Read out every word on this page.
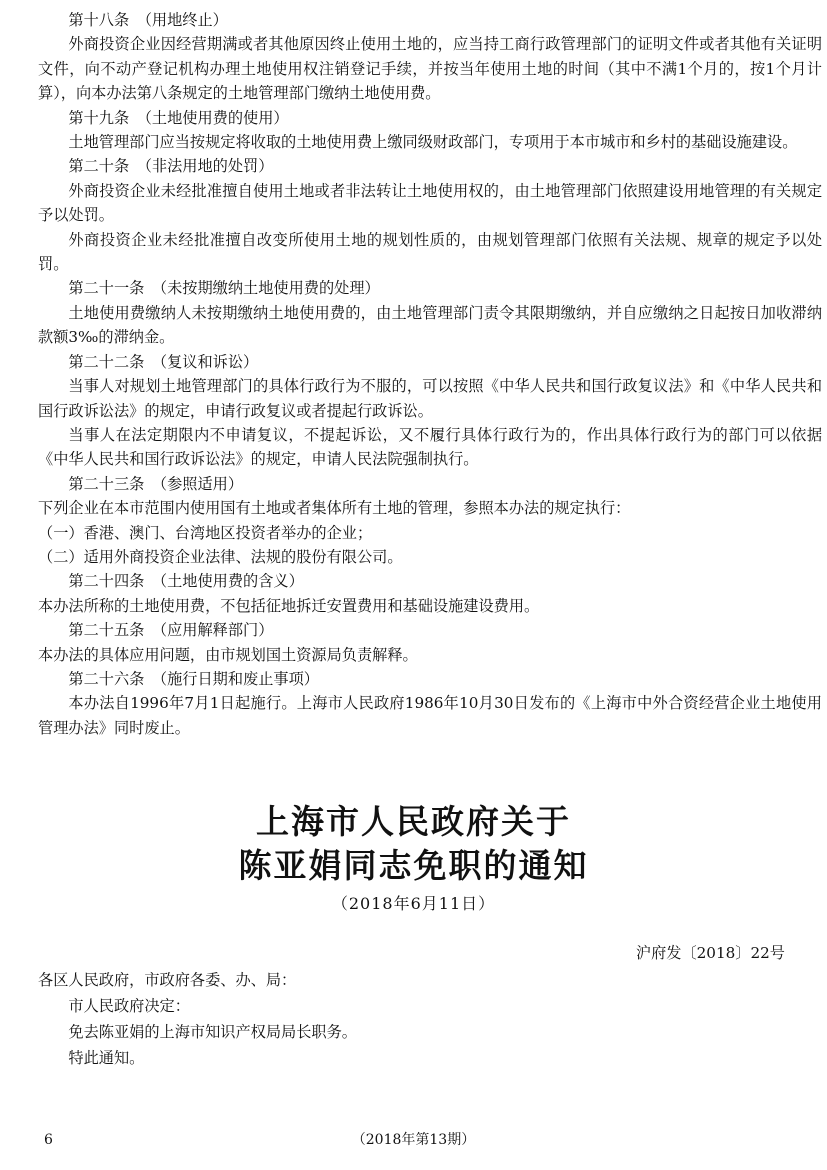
第十八条　（用地终止）

外商投资企业因经营期满或者其他原因终止使用土地的，应当持工商行政管理部门的证明文件或者其他有关证明文件，向不动产登记机构办理土地使用权注销登记手续，并按当年使用土地的时间（其中不满1个月的，按1个月计算），向本办法第八条规定的土地管理部门缴纳土地使用费。

第十九条　（土地使用费的使用）

土地管理部门应当按规定将收取的土地使用费上缴同级财政部门，专项用于本市城市和乡村的基础设施建设。

第二十条　（非法用地的处罚）

外商投资企业未经批准擅自使用土地或者非法转让土地使用权的，由土地管理部门依照建设用地管理的有关规定予以处罚。

外商投资企业未经批准擅自改变所使用土地的规划性质的，由规划管理部门依照有关法规、规章的规定予以处罚。

第二十一条　（未按期缴纳土地使用费的处理）

土地使用费缴纳人未按期缴纳土地使用费的，由土地管理部门责令其限期缴纳，并自应缴纳之日起按日加收滞纳款额3‰的滞纳金。

第二十二条　（复议和诉讼）

当事人对规划土地管理部门的具体行政行为不服的，可以按照《中华人民共和国行政复议法》和《中华人民共和国行政诉讼法》的规定，申请行政复议或者提起行政诉讼。

当事人在法定期限内不申请复议，不提起诉讼，又不履行具体行政行为的，作出具体行政行为的部门可以依据《中华人民共和国行政诉讼法》的规定，申请人民法院强制执行。

第二十三条　（参照适用）

下列企业在本市范围内使用国有土地或者集体所有土地的管理，参照本办法的规定执行：

（一）香港、澳门、台湾地区投资者举办的企业；

（二）适用外商投资企业法律、法规的股份有限公司。

第二十四条　（土地使用费的含义）

本办法所称的土地使用费，不包括征地拆迁安置费用和基础设施建设费用。

第二十五条　（应用解释部门）

本办法的具体应用问题，由市规划国土资源局负责解释。

第二十六条　（施行日期和废止事项）

本办法自1996年7月1日起施行。上海市人民政府1986年10月30日发布的《上海市中外合资经营企业土地使用管理办法》同时废止。

上海市人民政府关于

陈亚娟同志免职的通知

（2018年6月11日）

沪府发〔2018〕22号

各区人民政府，市政府各委、办、局：

市人民政府决定：

免去陈亚娟的上海市知识产权局局长职务。

特此通知。

6	（2018年第13期）
